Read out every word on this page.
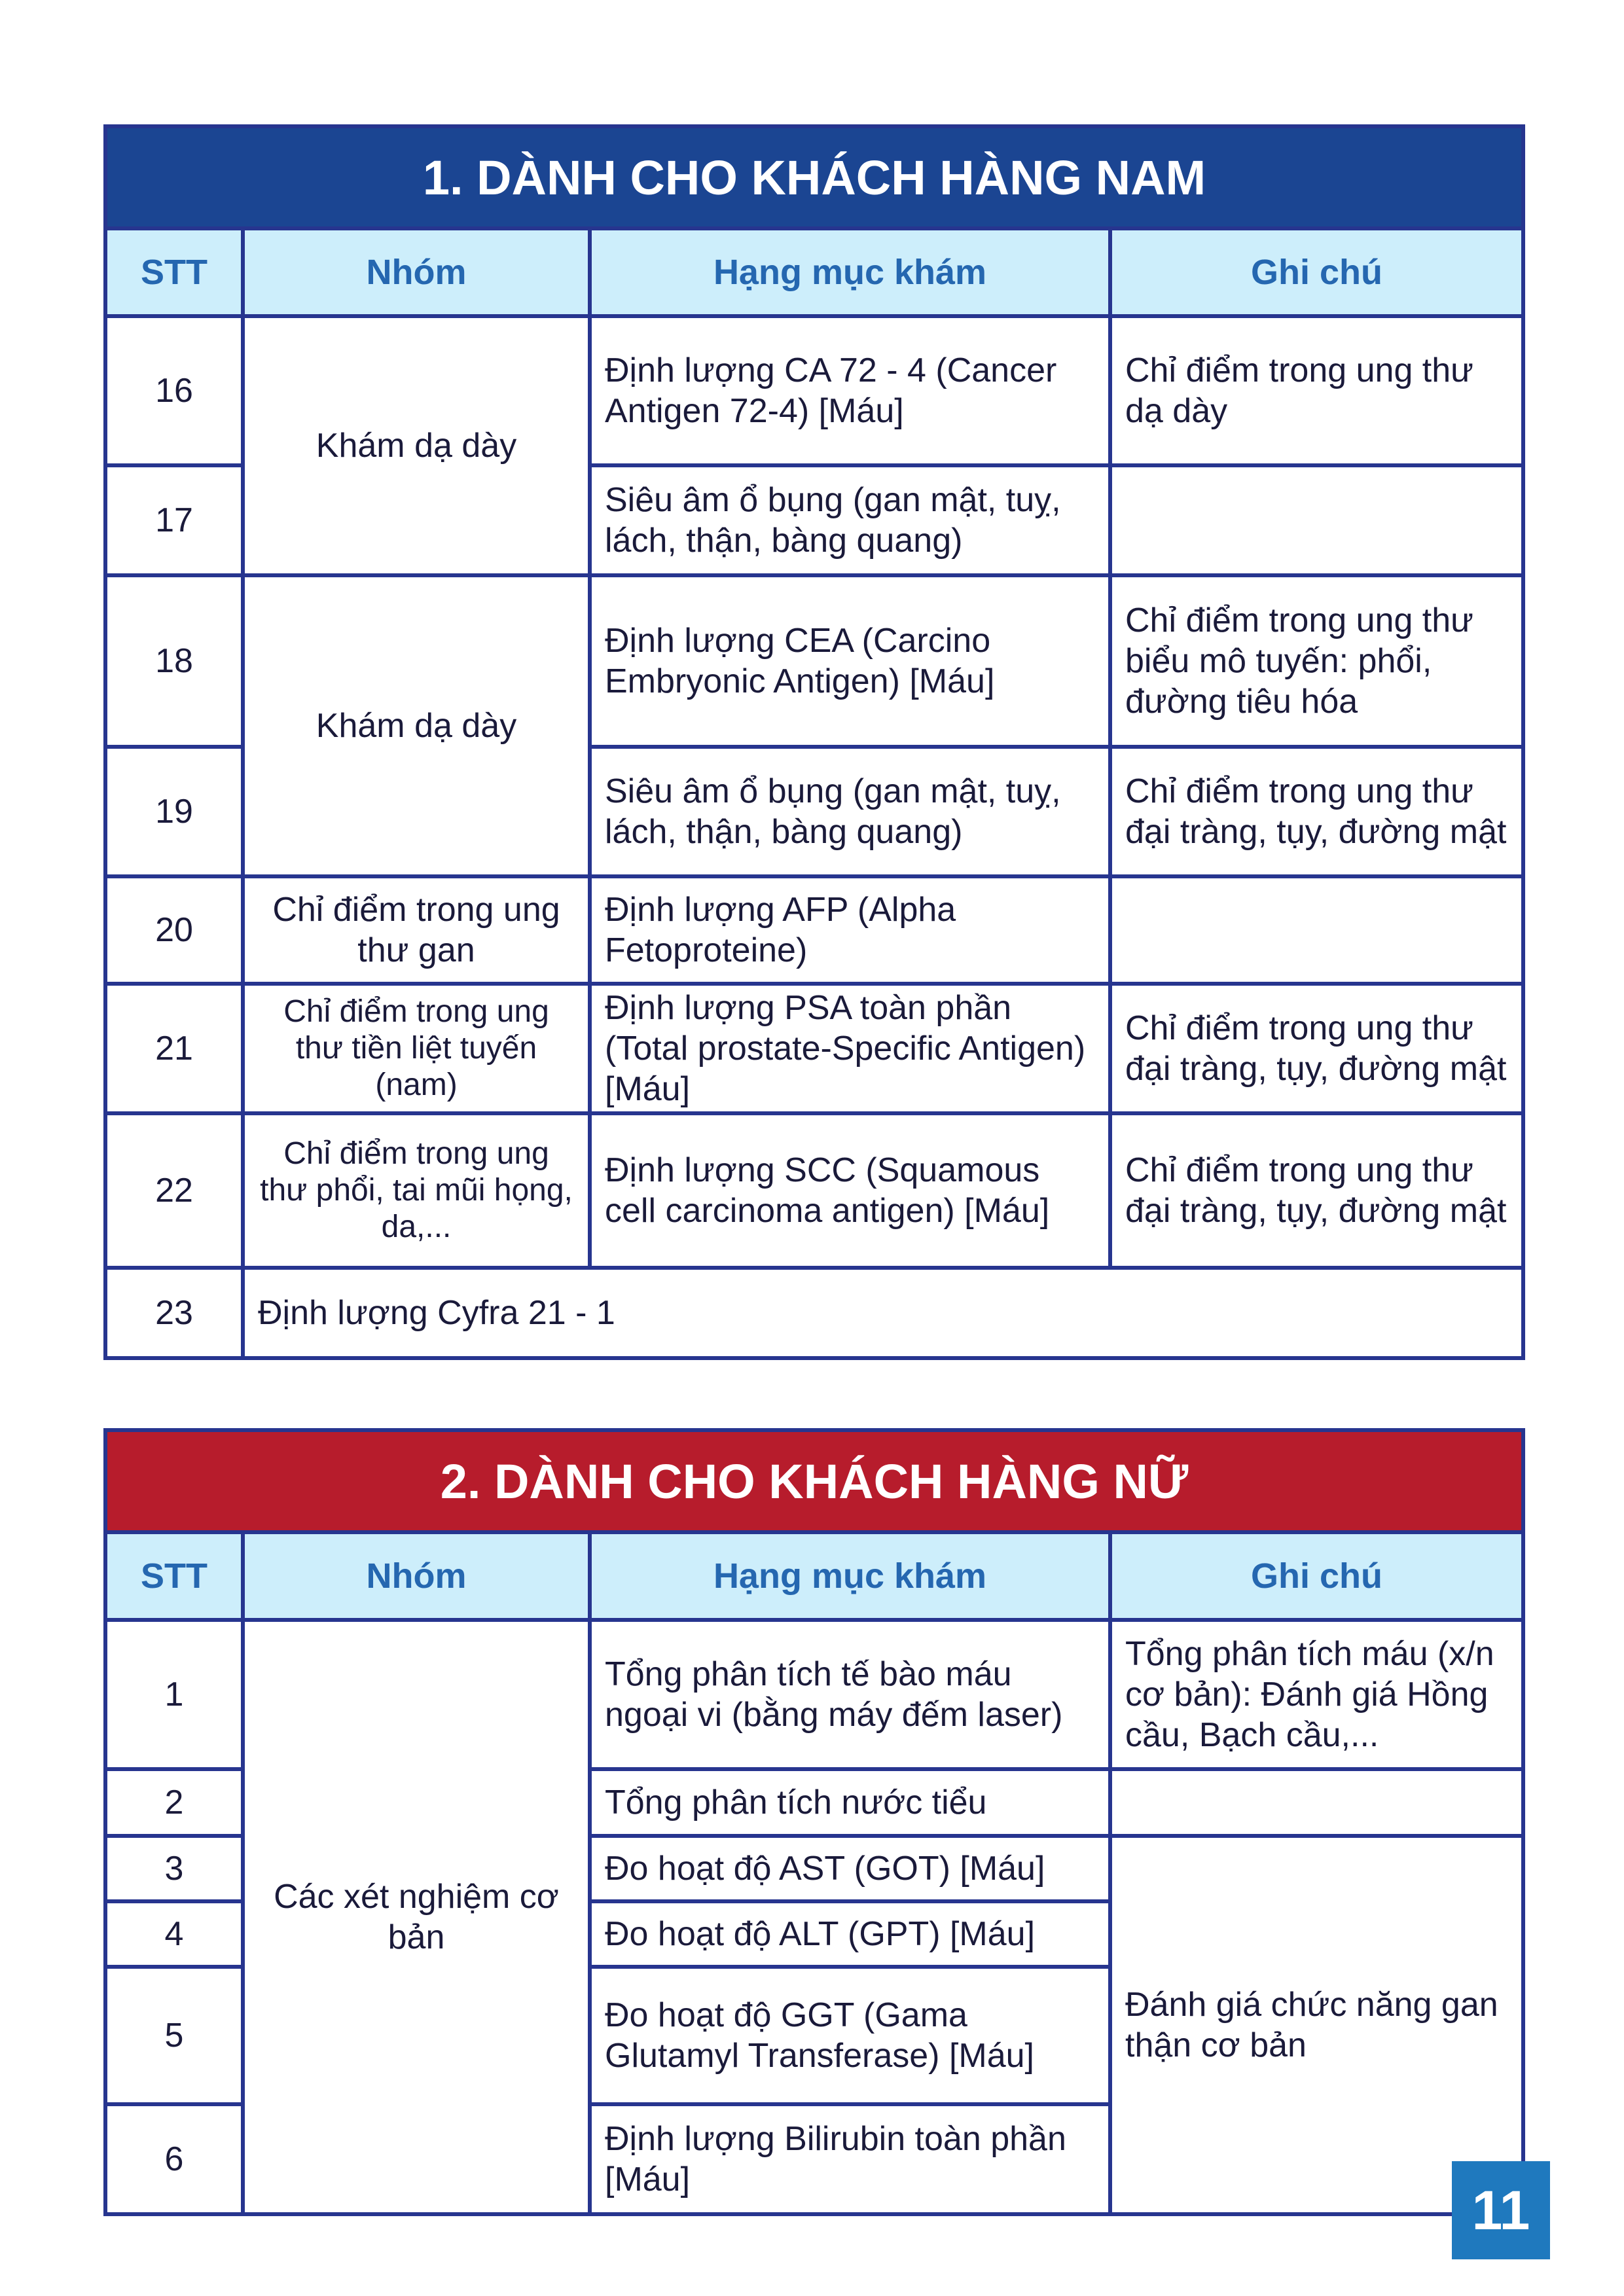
1. DÀNH CHO KHÁCH HÀNG NAM			
STT	Nhóm	Hạng mục khám	Ghi chú
16	Khám dạ dày	Định lượng CA 72 - 4 (Cancer Antigen 72-4) [Máu]	Chỉ điểm trong ung thư dạ dày
17		Siêu âm ổ bụng (gan mật, tuỵ, lách, thận, bàng quang)	
18	Khám dạ dày	Định lượng CEA (Carcino Embryonic Antigen) [Máu]	Chỉ điểm trong ung thư biểu mô tuyến: phổi, đường tiêu hóa
19		Siêu âm ổ bụng (gan mật, tuỵ, lách, thận, bàng quang)	Chỉ điểm trong ung thư đại tràng, tụy, đường mật
20	Chỉ điểm trong ung thư gan	Định lượng AFP (Alpha Fetoproteine)	
21	Chỉ điểm trong ung thư tiền liệt tuyến (nam)	Định lượng PSA toàn phần (Total prostate-Specific Antigen) [Máu]	Chỉ điểm trong ung thư đại tràng, tụy, đường mật
22	Chỉ điểm trong ung thư phổi, tai mũi họng, da,...	Định lượng SCC (Squamous cell carcinoma antigen) [Máu]	Chỉ điểm trong ung thư đại tràng, tụy, đường mật
23	Định lượng Cyfra 21 - 1		
2. DÀNH CHO KHÁCH HÀNG NỮ			
STT	Nhóm	Hạng mục khám	Ghi chú
1	Các xét nghiệm cơ bản	Tổng phân tích tế bào máu ngoại vi (bằng máy đếm laser)	Tổng phân tích máu (x/n cơ bản): Đánh giá Hồng cầu, Bạch cầu,...
2		Tổng phân tích nước tiểu	
3		Đo hoạt độ AST (GOT) [Máu]	Đánh giá chức năng gan thận cơ bản
4		Đo hoạt độ ALT (GPT) [Máu]	
5		Đo hoạt độ GGT (Gama Glutamyl Transferase) [Máu]	
6		Định lượng Bilirubin toàn phần [Máu]		11
